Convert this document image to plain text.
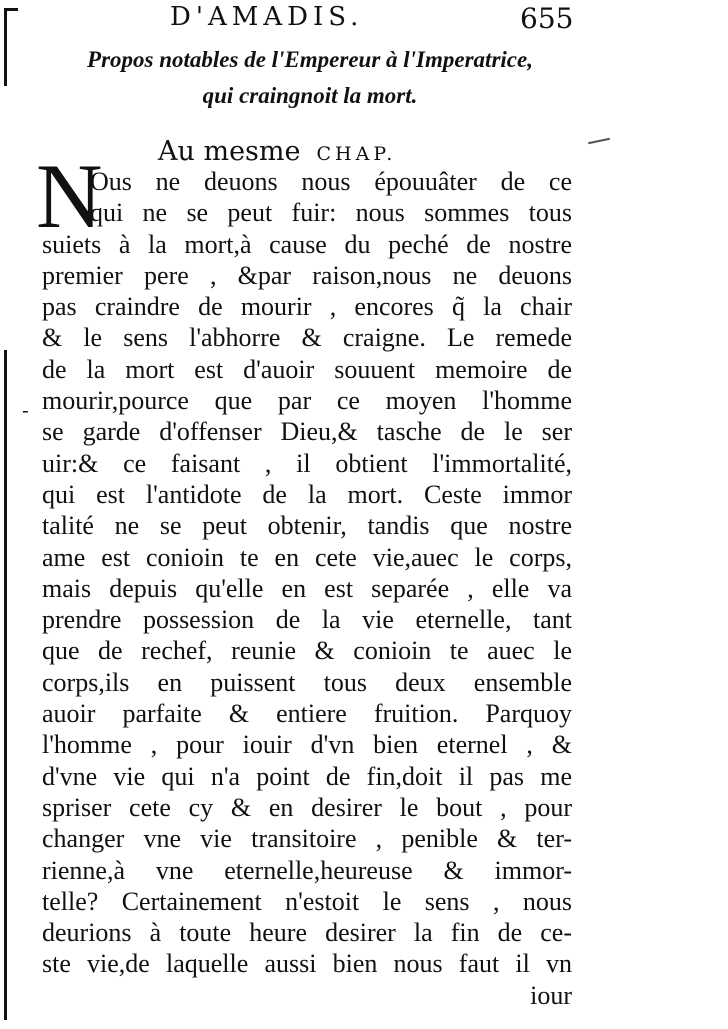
D'AMADIS.	655
Propos notables de l'Empereur à l'Imperatrice,
qui craingnoit la mort.
Au mesme CHAP.
N
-
Ous ne deuons nous épouuâter de ce
qui ne se peut fuir: nous sommes tous
suiets à la mort,à cause du peché de nostre
premier pere , &par raison,nous ne deuons
pas craindre de mourir , encores q̃ la chair
& le sens l'abhorre & craigne. Le remede
de la mort est d'auoir souuent memoire de
mourir,pource que par ce moyen l'homme
se garde d'offenser Dieu,& tasche de le ser
uir:& ce faisant , il obtient l'immortalité,
qui est l'antidote de la mort. Ceste immor
talité ne se peut obtenir, tandis que nostre
ame est conioin te en cete vie,auec le corps,
mais depuis qu'elle en est separée , elle va
prendre possession de la vie eternelle, tant
que de rechef, reunie & conioin te auec le
corps,ils en puissent tous deux ensemble
auoir parfaite & entiere fruition. Parquoy
l'homme , pour iouir d'vn bien eternel , &
d'vne vie qui n'a point de fin,doit il pas me
spriser cete cy & en desirer le bout , pour
changer vne vie transitoire , penible & ter-
rienne,à vne eternelle,heureuse & immor-
telle? Certainement n'estoit le sens , nous
deurions à toute heure desirer la fin de ce-
ste vie,de laquelle aussi bien nous faut il vn
iour
